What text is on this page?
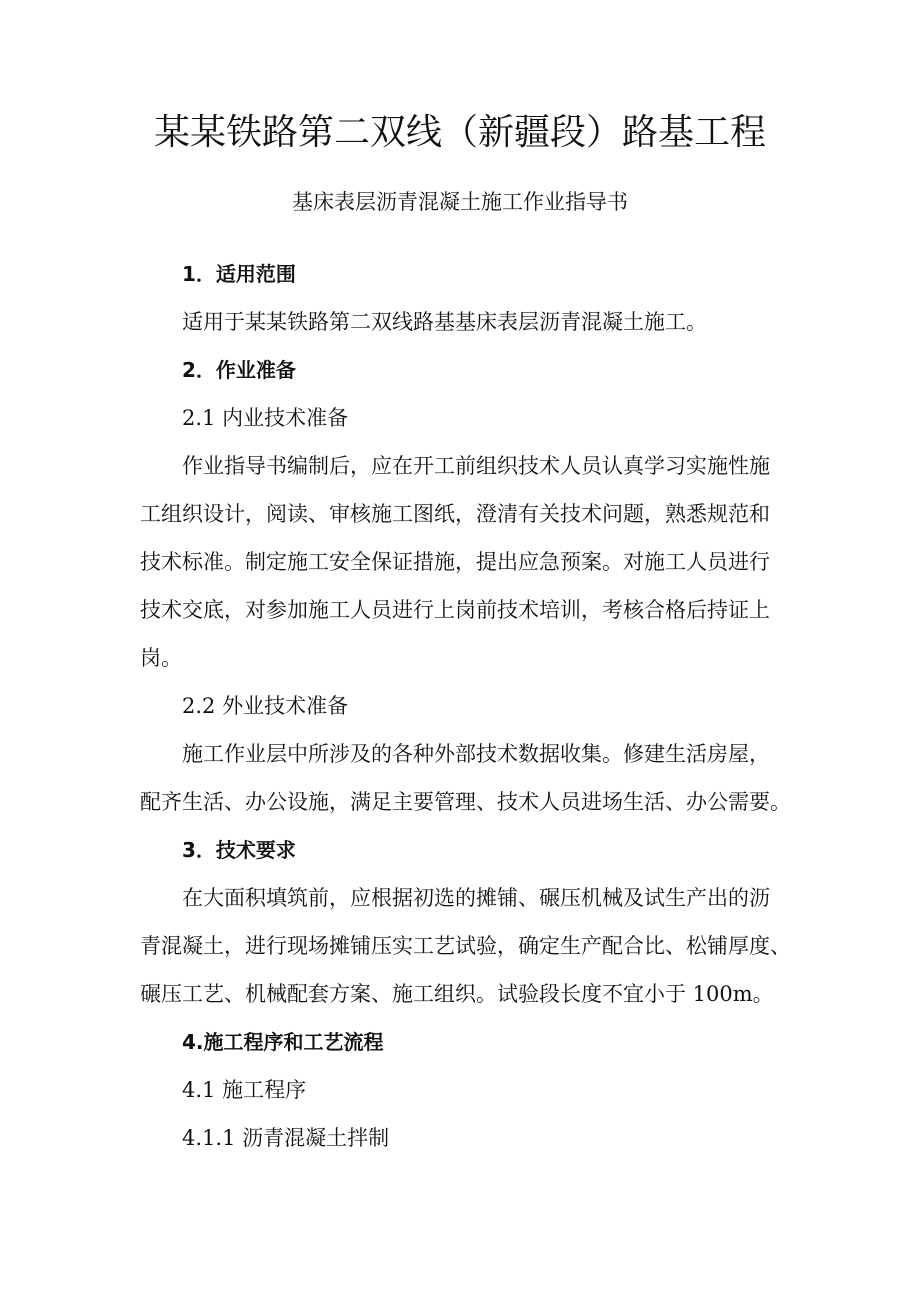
某某铁路第二双线（新疆段）路基工程
基床表层沥青混凝土施工作业指导书
1．适用范围
适用于某某铁路第二双线路基基床表层沥青混凝土施工。
2．作业准备
2.1 内业技术准备
作业指导书编制后，应在开工前组织技术人员认真学习实施性施
工组织设计，阅读、审核施工图纸，澄清有关技术问题，熟悉规范和
技术标准。制定施工安全保证措施，提出应急预案。对施工人员进行
技术交底，对参加施工人员进行上岗前技术培训，考核合格后持证上
岗。
2.2 外业技术准备
施工作业层中所涉及的各种外部技术数据收集。修建生活房屋，
配齐生活、办公设施，满足主要管理、技术人员进场生活、办公需要。
3．技术要求
在大面积填筑前，应根据初选的摊铺、碾压机械及试生产出的沥
青混凝土，进行现场摊铺压实工艺试验，确定生产配合比、松铺厚度、
碾压工艺、机械配套方案、施工组织。试验段长度不宜小于 100m。
4.施工程序和工艺流程
4.1 施工程序
4.1.1 沥青混凝土拌制
